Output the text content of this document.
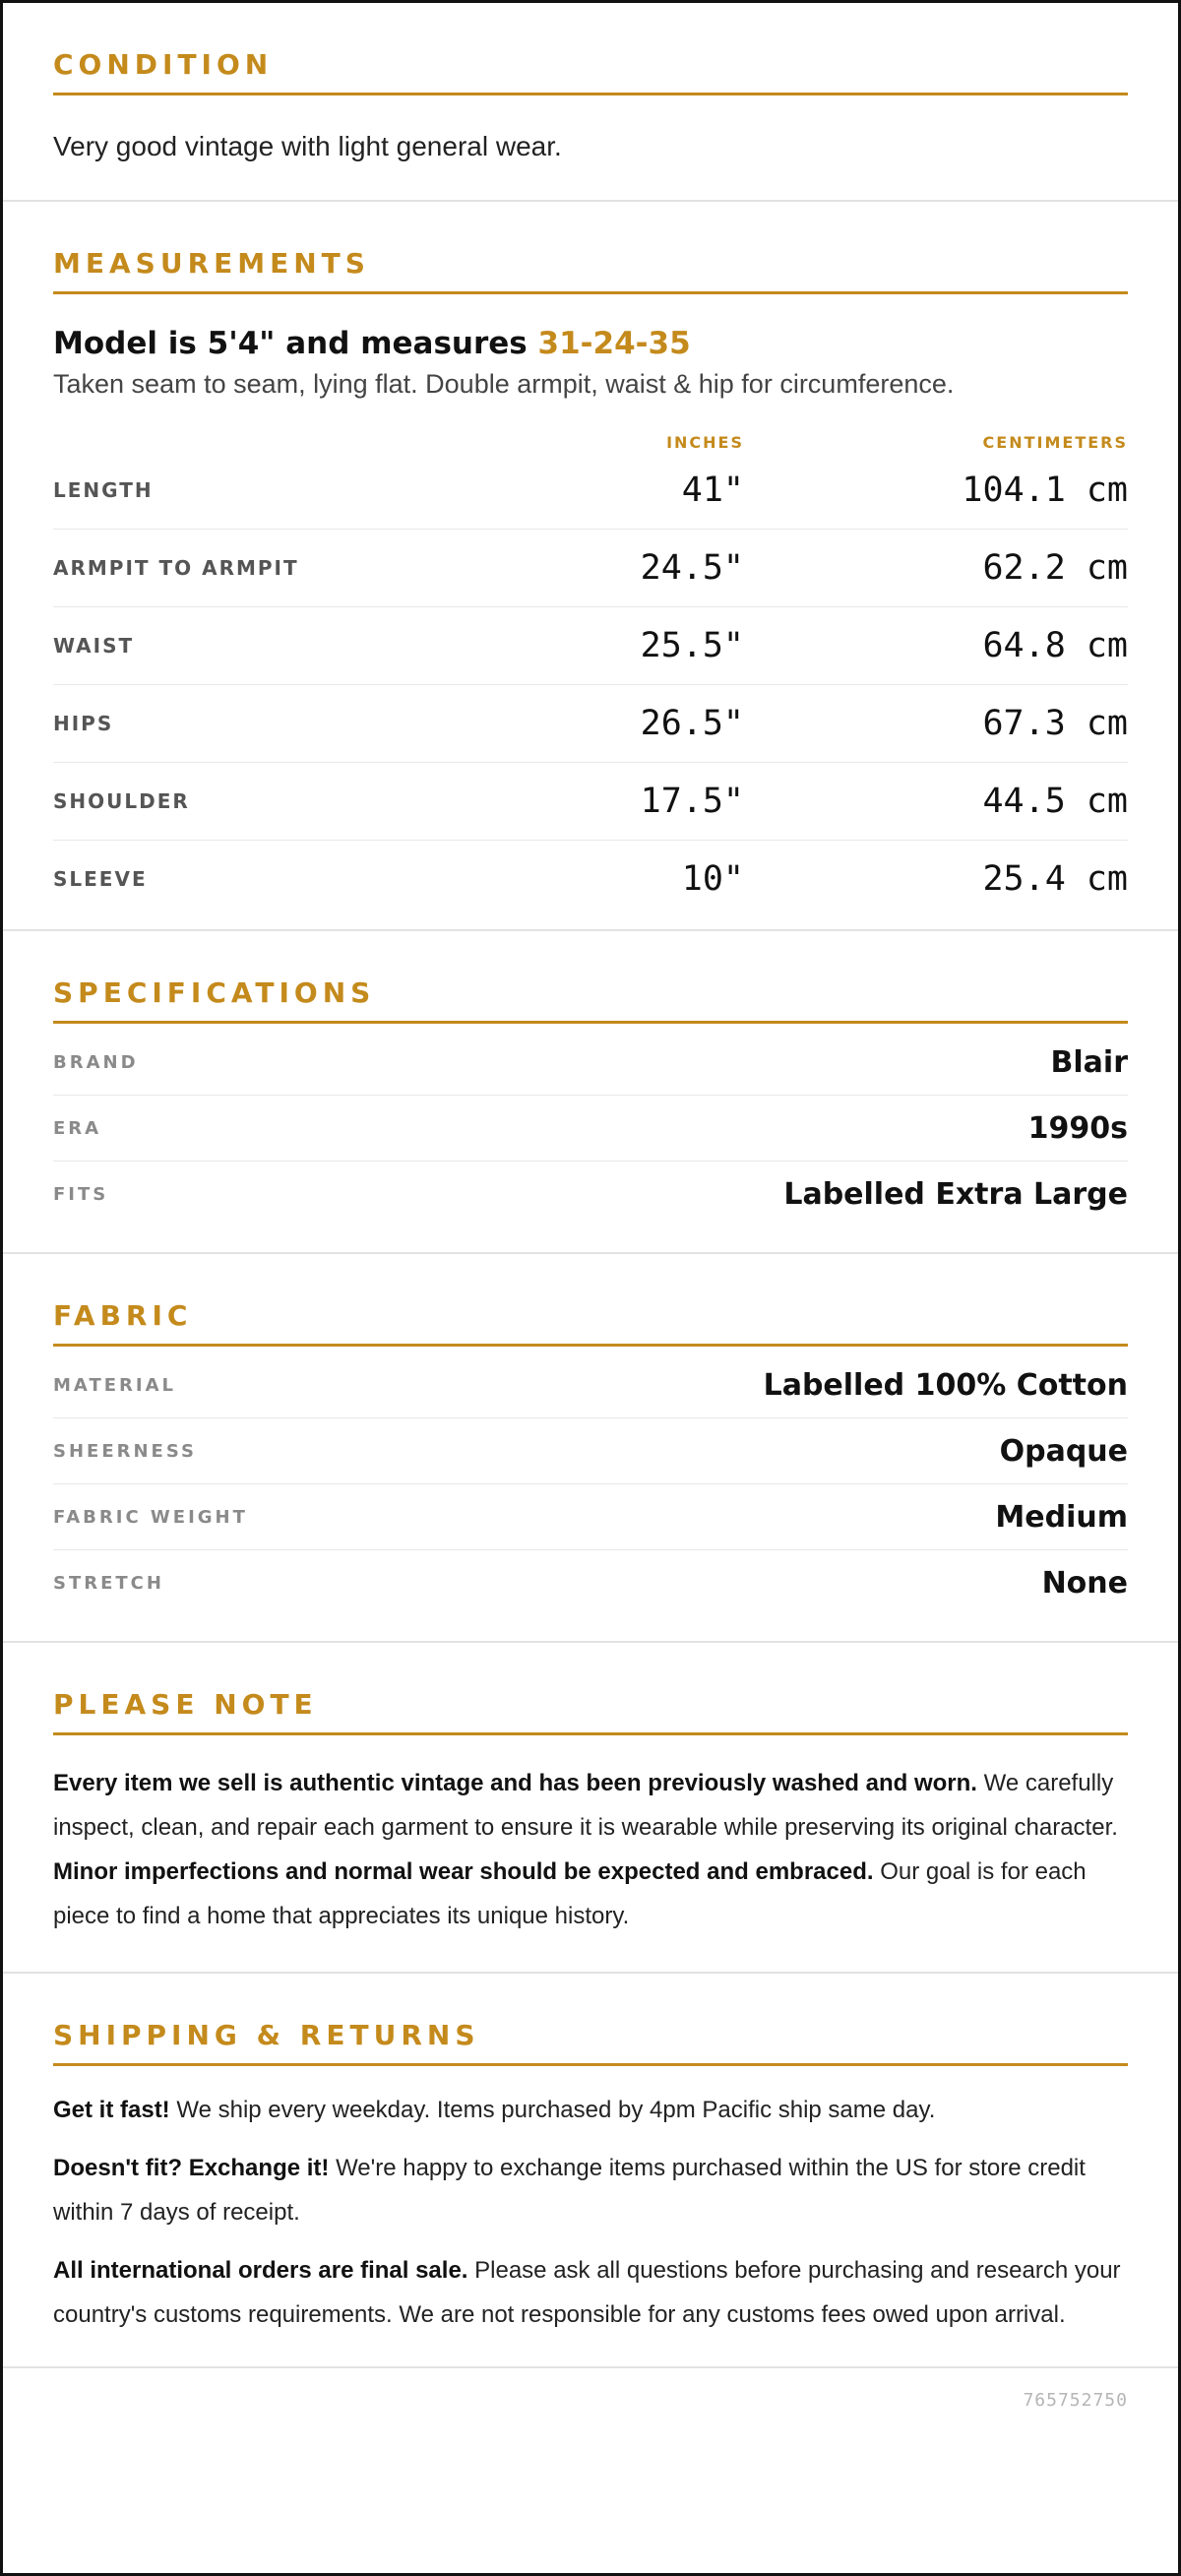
CONDITION
Very good vintage with light general wear.
MEASUREMENTS
Model is 5'4" and measures 31-24-35
Taken seam to seam, lying flat. Double armpit, waist & hip for circumference.
INCHES	CENTIMETERS
LENGTH	41"	104.1 cm
ARMPIT TO ARMPIT	24.5"	62.2 cm
WAIST	25.5"	64.8 cm
HIPS	26.5"	67.3 cm
SHOULDER	17.5"	44.5 cm
SLEEVE	10"	25.4 cm
SPECIFICATIONS
BRAND	Blair
ERA	1990s
FITS	Labelled Extra Large
FABRIC
MATERIAL	Labelled 100% Cotton
SHEERNESS	Opaque
FABRIC WEIGHT	Medium
STRETCH	None
PLEASE NOTE
Every item we sell is authentic vintage and has been previously washed and worn. We carefully inspect, clean, and repair each garment to ensure it is wearable while preserving its original character. Minor imperfections and normal wear should be expected and embraced. Our goal is for each piece to find a home that appreciates its unique history.
SHIPPING & RETURNS

Get it fast! We ship every weekday. Items purchased by 4pm Pacific ship same day.

Doesn't fit? Exchange it! We're happy to exchange items purchased within the US for store credit within 7 days of receipt.

All international orders are final sale. Please ask all questions before purchasing and research your country's customs requirements. We are not responsible for any customs fees owed upon arrival.

765752750
